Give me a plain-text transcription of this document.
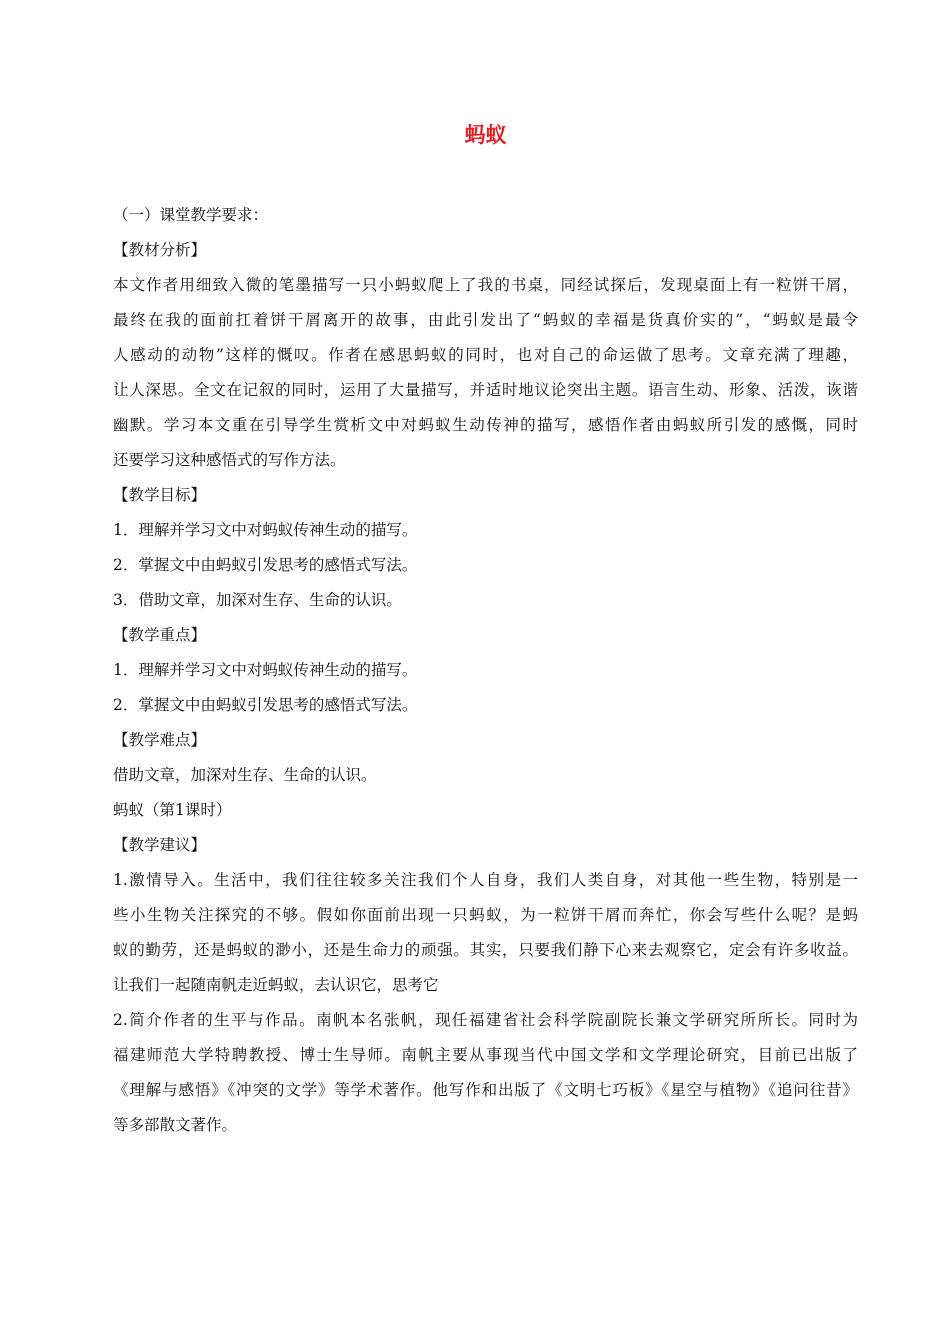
蚂蚁
（一）课堂教学要求：
【教材分析】
本文作者用细致入微的笔墨描写一只小蚂蚁爬上了我的书桌，同经试探后，发现桌面上有一粒饼干屑，
最终在我的面前扛着饼干屑离开的故事，由此引发出了“蚂蚁的幸福是货真价实的”，“蚂蚁是最令
人感动的动物”这样的慨叹。作者在感思蚂蚁的同时，也对自己的命运做了思考。文章充满了理趣，
让人深思。全文在记叙的同时，运用了大量描写，并适时地议论突出主题。语言生动、形象、活泼，诙谐
幽默。学习本文重在引导学生赏析文中对蚂蚁生动传神的描写，感悟作者由蚂蚁所引发的感慨，同时
还要学习这种感悟式的写作方法。
【教学目标】
1．理解并学习文中对蚂蚁传神生动的描写。
2．掌握文中由蚂蚁引发思考的感悟式写法。
3．借助文章，加深对生存、生命的认识。
【教学重点】
1．理解并学习文中对蚂蚁传神生动的描写。
2．掌握文中由蚂蚁引发思考的感悟式写法。
【教学难点】
借助文章，加深对生存、生命的认识。
蚂蚁（第1课时）
【教学建议】
1.激情导入。生活中，我们往往较多关注我们个人自身，我们人类自身，对其他一些生物，特别是一
些小生物关注探究的不够。假如你面前出现一只蚂蚁，为一粒饼干屑而奔忙，你会写些什么呢？是蚂
蚁的勤劳，还是蚂蚁的渺小，还是生命力的顽强。其实，只要我们静下心来去观察它，定会有许多收益。
让我们一起随南帆走近蚂蚁，去认识它，思考它
2.简介作者的生平与作品。南帆本名张帆，现任福建省社会科学院副院长兼文学研究所所长。同时为
福建师范大学特聘教授、博士生导师。南帆主要从事现当代中国文学和文学理论研究，目前已出版了
《理解与感悟》《冲突的文学》等学术著作。他写作和出版了《文明七巧板》《星空与植物》《追问往昔》
等多部散文著作。
